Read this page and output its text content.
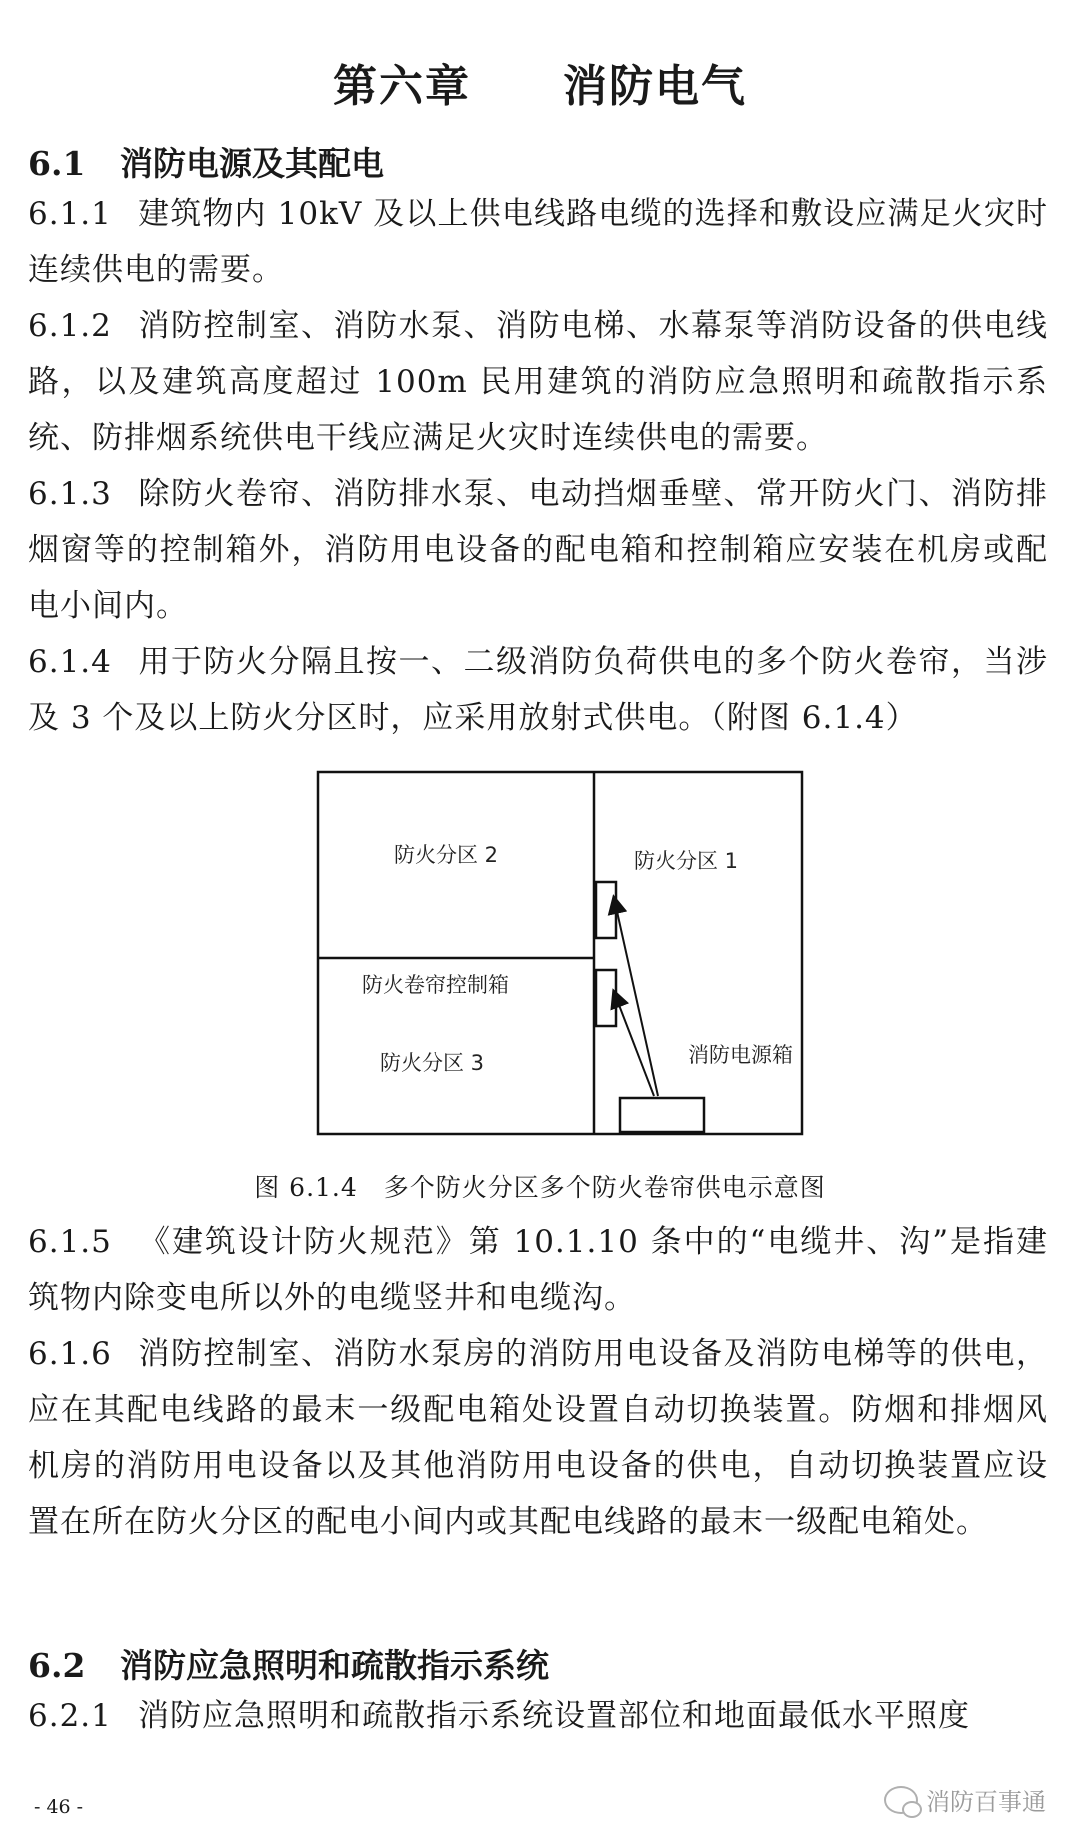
第六章　　消防电气
6.1 消防电源及其配电
6.1.1 建筑物内 10kV 及以上供电线路电缆的选择和敷设应满足火灾时连续供电的需要。
6.1.2 消防控制室、消防水泵、消防电梯、水幕泵等消防设备的供电线路，以及建筑高度超过 100m 民用建筑的消防应急照明和疏散指示系统、防排烟系统供电干线应满足火灾时连续供电的需要。
6.1.3 除防火卷帘、消防排水泵、电动挡烟垂壁、常开防火门、消防排烟窗等的控制箱外，消防用电设备的配电箱和控制箱应安装在机房或配电小间内。
6.1.4 用于防火分隔且按一、二级消防负荷供电的多个防火卷帘，当涉及 3 个及以上防火分区时，应采用放射式供电。（附图 6.1.4）
防火分区 2	防火分区 1
防火卷帘控制箱
防火分区 3	消防电源箱
图 6.1.4　多个防火分区多个防火卷帘供电示意图
6.1.5 《建筑设计防火规范》第 10.1.10 条中的“电缆井、沟”是指建筑物内除变电所以外的电缆竖井和电缆沟。
6.1.6 消防控制室、消防水泵房的消防用电设备及消防电梯等的供电，应在其配电线路的最末一级配电箱处设置自动切换装置。防烟和排烟风机房的消防用电设备以及其他消防用电设备的供电，自动切换装置应设置在所在防火分区的配电小间内或其配电线路的最末一级配电箱处。
6.2 消防应急照明和疏散指示系统
6.2.1 消防应急照明和疏散指示系统设置部位和地面最低水平照度
- 46 -	消防百事通
